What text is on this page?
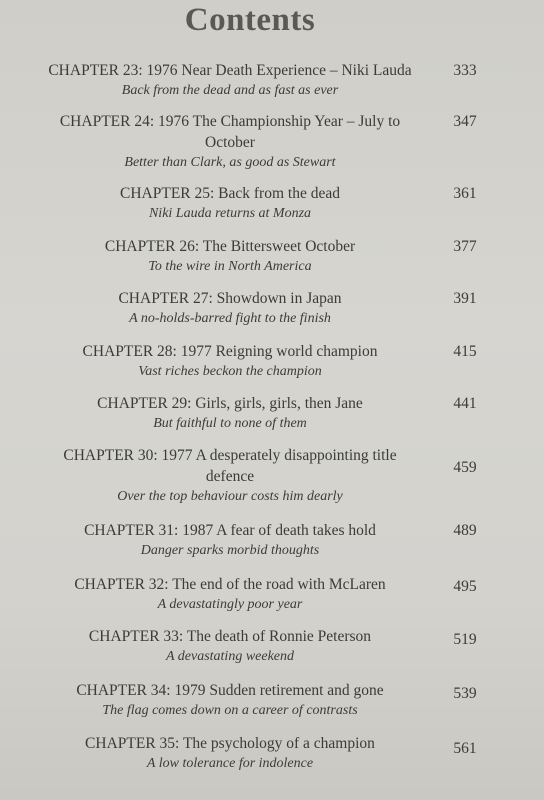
Contents
CHAPTER 23: 1976 Near Death Experience – Niki Lauda
Back from the dead and as fast as ever
333
CHAPTER 24: 1976 The Championship Year – July to October
Better than Clark, as good as Stewart
347
CHAPTER 25: Back from the dead
Niki Lauda returns at Monza
361
CHAPTER 26: The Bittersweet October
To the wire in North America
377
CHAPTER 27: Showdown in Japan
A no-holds-barred fight to the finish
391
CHAPTER 28: 1977 Reigning world champion
Vast riches beckon the champion
415
CHAPTER 29: Girls, girls, girls, then Jane
But faithful to none of them
441
CHAPTER 30: 1977 A desperately disappointing title defence
Over the top behaviour costs him dearly
459
CHAPTER 31: 1987 A fear of death takes hold
Danger sparks morbid thoughts
489
CHAPTER 32: The end of the road with McLaren
A devastatingly poor year
495
CHAPTER 33: The death of Ronnie Peterson
A devastating weekend
519
CHAPTER 34: 1979 Sudden retirement and gone
The flag comes down on a career of contrasts
539
CHAPTER 35: The psychology of a champion
A low tolerance for indolence
561
